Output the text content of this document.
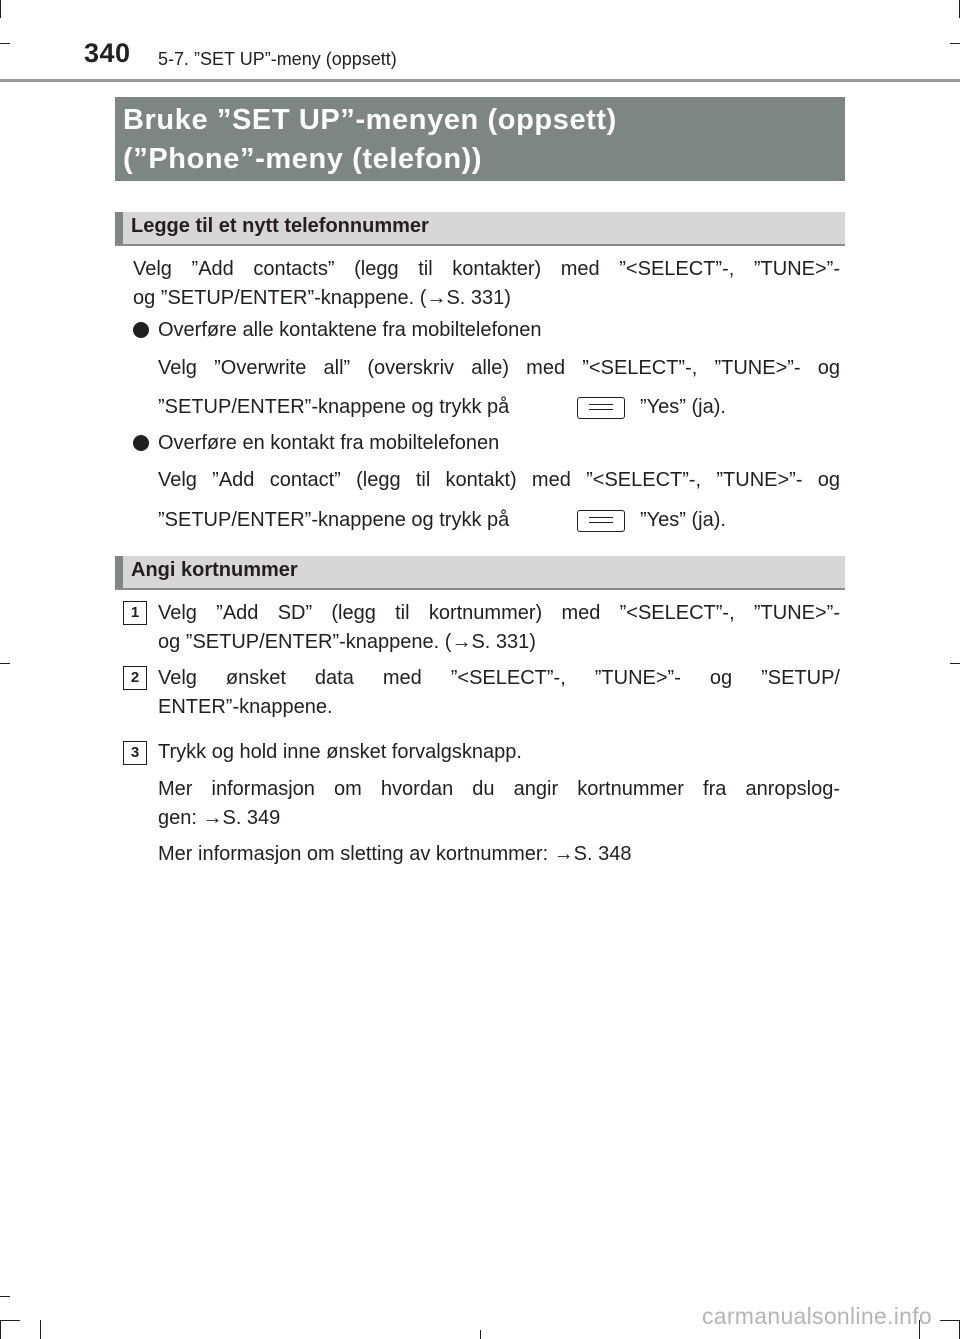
340 5-7. ”SET UP”-meny (oppsett)
Bruke ”SET UP”-menyen (oppsett)
(”Phone”-meny (telefon))
Legge til et nytt telefonnummer
Velg ”Add contacts” (legg til kontakter) med ”<SELECT”-, ”TUNE>”-
og ”SETUP/ENTER”-knappene. (→S. 331)
Overføre alle kontaktene fra mobiltelefonen
Velg ”Overwrite all” (overskriv alle) med ”<SELECT”-, ”TUNE>”- og
”SETUP/ENTER”-knappene og trykk på	”Yes” (ja).
Overføre en kontakt fra mobiltelefonen
Velg ”Add contact” (legg til kontakt) med ”<SELECT”-, ”TUNE>”- og
”SETUP/ENTER”-knappene og trykk på	”Yes” (ja).
Angi kortnummer
1 Velg ”Add SD” (legg til kortnummer) med ”<SELECT”-, ”TUNE>”-
og ”SETUP/ENTER”-knappene. (→S. 331)
2 Velg ønsket data med ”<SELECT”-, ”TUNE>”- og ”SETUP/
ENTER”-knappene.
3 Trykk og hold inne ønsket forvalgsknapp.
Mer informasjon om hvordan du angir kortnummer fra anropslog-
gen: →S. 349
Mer informasjon om sletting av kortnummer: →S. 348
carmanualsonline.info
